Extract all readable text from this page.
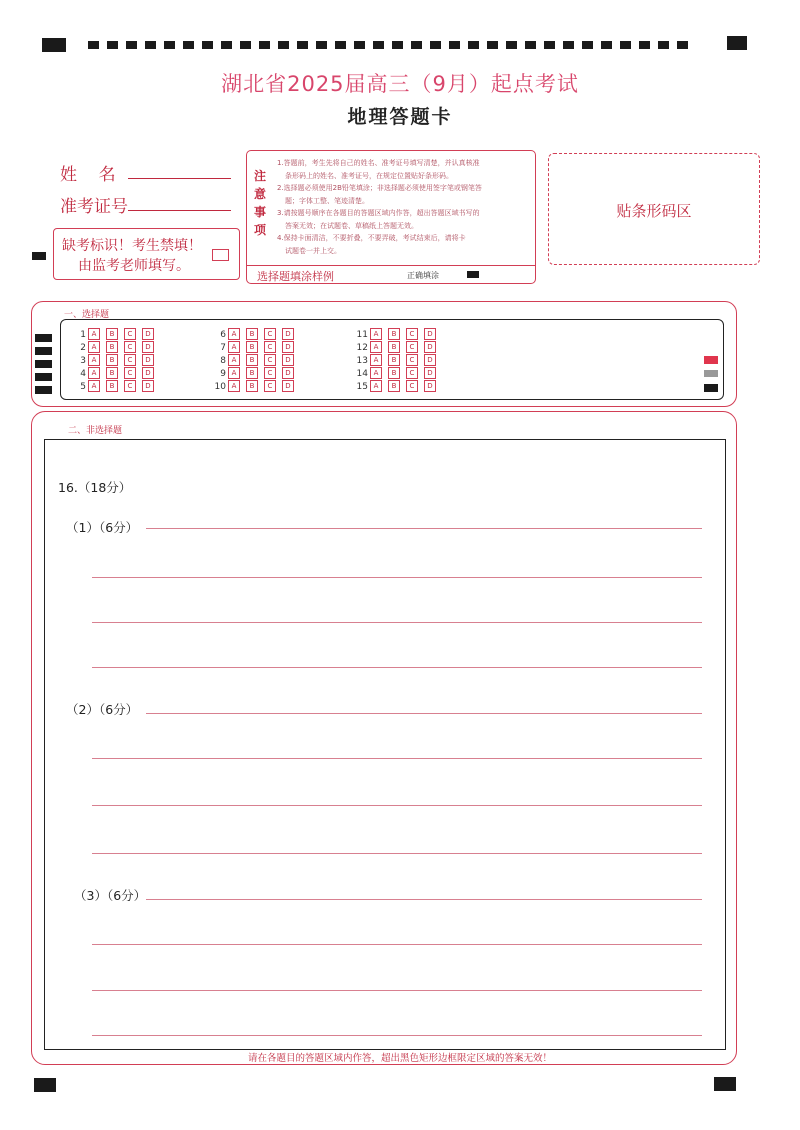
湖北省2025届高三（9月）起点考试
地理答题卡
姓    名
准考证号
缺考标识！考生禁填！
由监考老师填写。
注
意
事
项
1.答题前，考生先将自己的姓名、准考证号填写清楚，并认真核准
条形码上的姓名、准考证号，在规定位置贴好条形码。
2.选择题必须使用2B铅笔填涂；非选择题必须使用签字笔或钢笔答
题；字体工整、笔迹清楚。
3.请按题号顺序在各题目的答题区域内作答，超出答题区域书写的
答案无效；在试题卷、草稿纸上答题无效。
4.保持卡面清洁，不要折叠，不要弄破，考试结束后，请将卡
试题卷一并上交。
选择题填涂样例	正确填涂
贴条形码区
一、选择题
1 A B C D
2 A B C D
3 A B C D
4 A B C D
5 A B C D
6 A B C D
7 A B C D
8 A B C D
9 A B C D
10 A B C D
11 A B C D
12 A B C D
13 A B C D
14 A B C D
15 A B C D
二、非选择题
16.（18分）
（1）（6分）
（2）（6分）
（3）（6分）
请在各题目的答题区域内作答，超出黑色矩形边框限定区域的答案无效！
